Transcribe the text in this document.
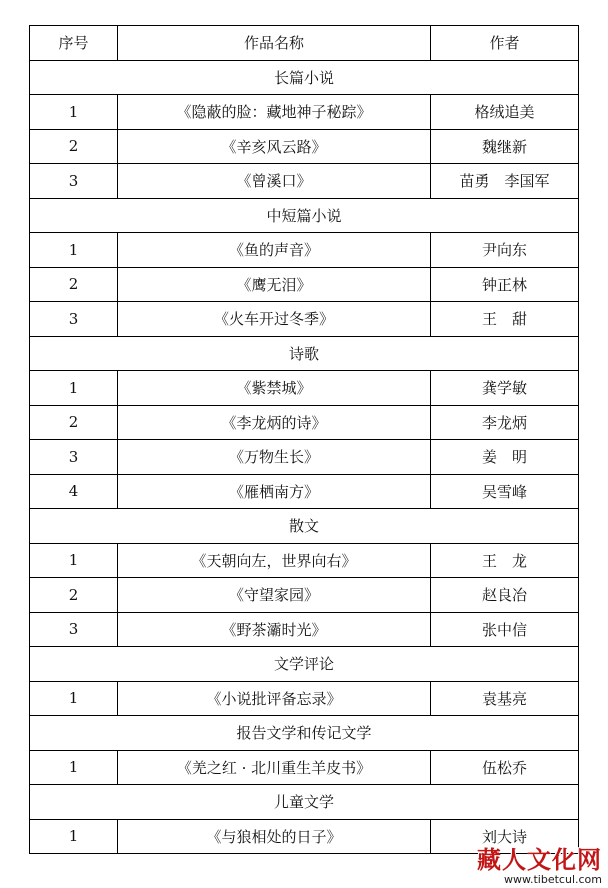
序号	作品名称	作者
长篇小说		
1	《隐蔽的脸：藏地神子秘踪》	格绒追美
2	《辛亥风云路》	魏继新
3	《曾溪口》	苗勇　李国军
中短篇小说		
1	《鱼的声音》	尹向东
2	《鹰无泪》	钟正林
3	《火车开过冬季》	王　甜
诗歌		
1	《紫禁城》	龚学敏
2	《李龙炳的诗》	李龙炳
3	《万物生长》	姜　明
4	《雁栖南方》	吴雪峰
散文		
1	《天朝向左，世界向右》	王　龙
2	《守望家园》	赵良冶
3	《野茶灞时光》	张中信
文学评论		
1	《小说批评备忘录》	袁基亮
报告文学和传记文学		
1	《羌之红 · 北川重生羊皮书》	伍松乔
儿童文学		
1	《与狼相处的日子》	刘大诗
藏人文化网
www.tibetcul.com
